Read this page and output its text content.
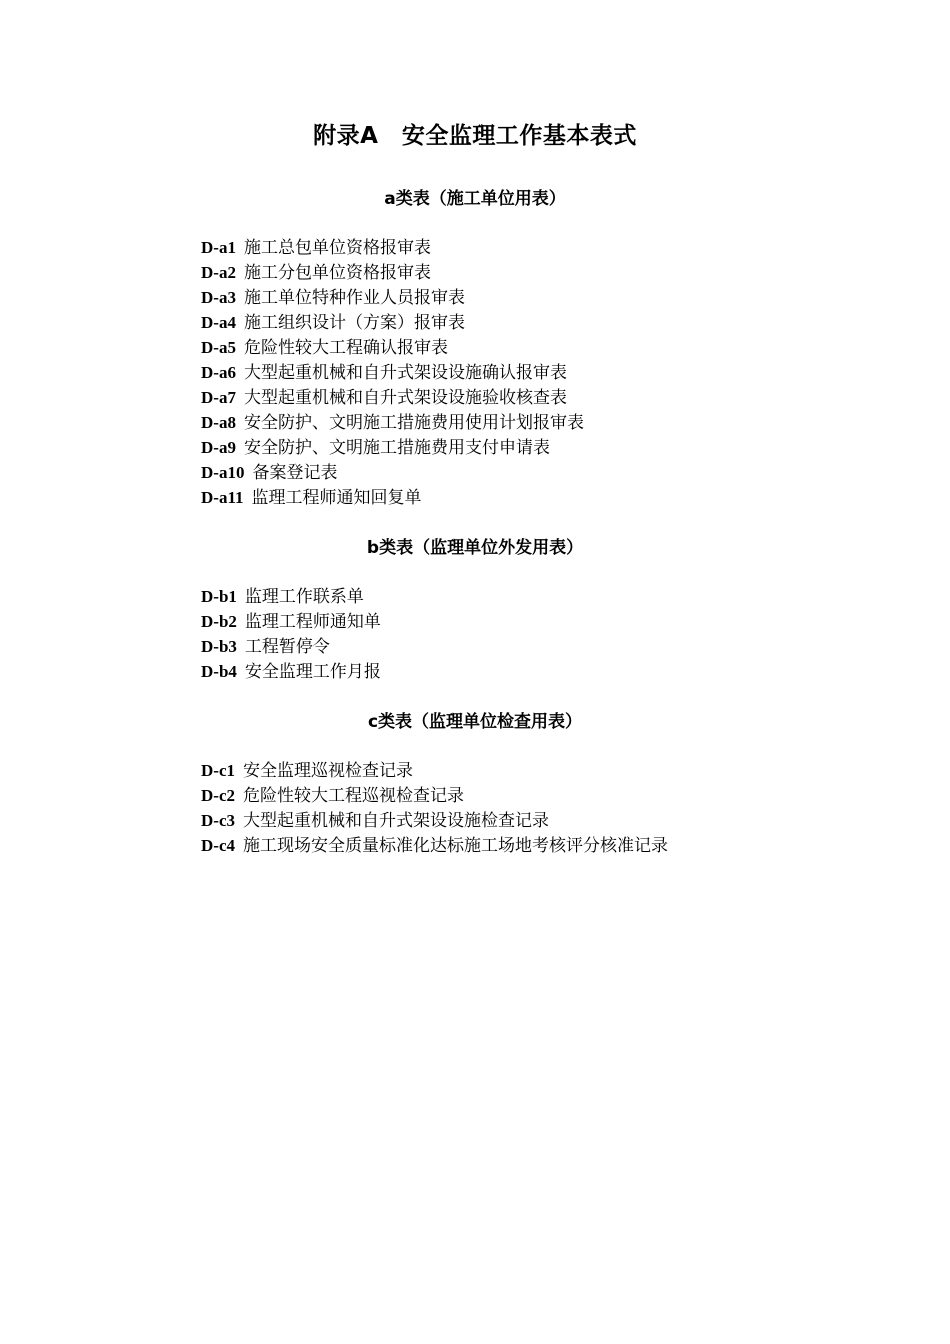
附录A　安全监理工作基本表式
a类表（施工单位用表）
D-a1 施工总包单位资格报审表
D-a2 施工分包单位资格报审表
D-a3 施工单位特种作业人员报审表
D-a4 施工组织设计（方案）报审表
D-a5 危险性较大工程确认报审表
D-a6 大型起重机械和自升式架设设施确认报审表
D-a7 大型起重机械和自升式架设设施验收核查表
D-a8 安全防护、文明施工措施费用使用计划报审表
D-a9 安全防护、文明施工措施费用支付申请表
D-a10 备案登记表
D-a11 监理工程师通知回复单
b类表（监理单位外发用表）
D-b1 监理工作联系单
D-b2 监理工程师通知单
D-b3 工程暂停令
D-b4 安全监理工作月报
c类表（监理单位检查用表）
D-c1 安全监理巡视检查记录
D-c2 危险性较大工程巡视检查记录
D-c3 大型起重机械和自升式架设设施检查记录
D-c4 施工现场安全质量标准化达标施工场地考核评分核准记录
